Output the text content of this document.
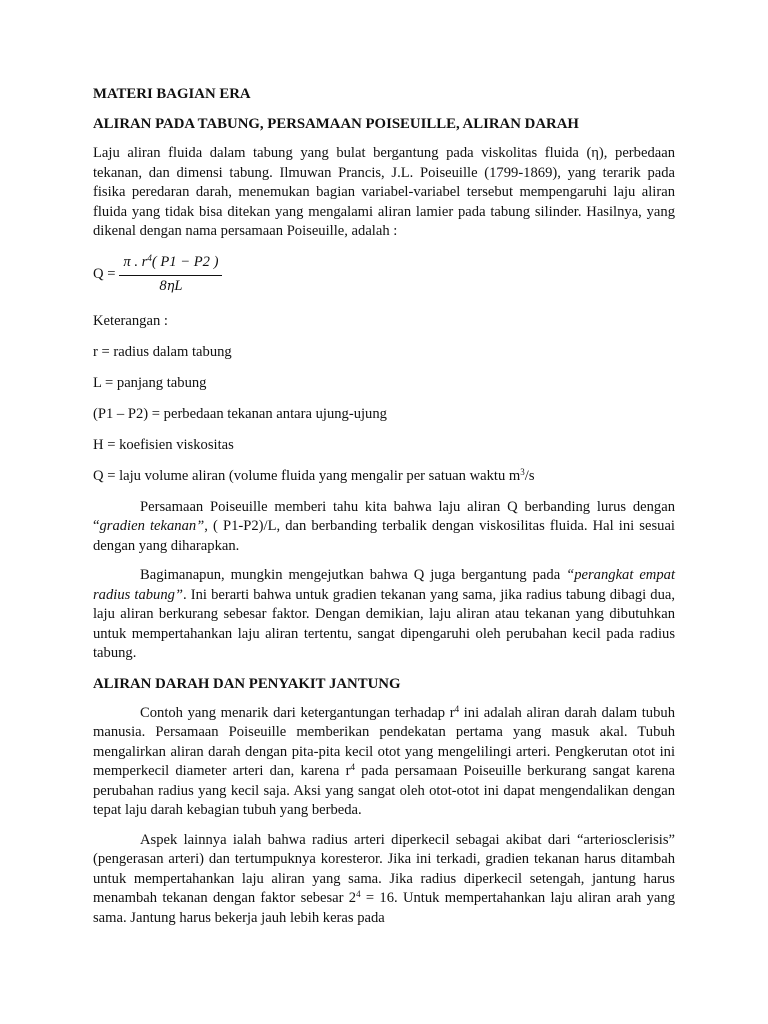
MATERI BAGIAN ERA
ALIRAN PADA TABUNG, PERSAMAAN POISEUILLE, ALIRAN DARAH
Laju aliran fluida dalam tabung yang bulat bergantung pada viskolitas fluida (η), perbedaan tekanan, dan dimensi tabung. Ilmuwan Prancis, J.L. Poiseuille (1799-1869), yang terarik pada fisika peredaran darah, menemukan bagian variabel-variabel tersebut mempengaruhi laju aliran fluida yang tidak bisa ditekan yang mengalami aliran lamier pada tabung silinder. Hasilnya, yang dikenal dengan nama persamaan Poiseuille, adalah :
$Q = \frac{\pi . r^4( P1 - P2 )}{8\eta L}$
Keterangan :
r = radius dalam tabung
L = panjang tabung
(P1 – P2) = perbedaan tekanan antara ujung-ujung
Η = koefisien viskositas
Q = laju volume aliran (volume fluida yang mengalir per satuan waktu $m^3/s$
Persamaan Poiseuille memberi tahu kita bahwa laju aliran Q berbanding lurus dengan “gradien tekanan”, ( P1-P2)/L, dan berbanding terbalik dengan viskosilitas fluida. Hal ini sesuai dengan yang diharapkan.
Bagimanapun, mungkin mengejutkan bahwa Q juga bergantung pada “perangkat empat radius tabung”. Ini berarti bahwa untuk gradien tekanan yang sama, jika radius tabung dibagi dua, laju aliran berkurang sebesar faktor. Dengan demikian, laju aliran atau tekanan yang dibutuhkan untuk mempertahankan laju aliran tertentu, sangat dipengaruhi oleh perubahan kecil pada radius tabung.
ALIRAN DARAH DAN PENYAKIT JANTUNG
Contoh yang menarik dari ketergantungan terhadap $r^4$ ini adalah aliran darah dalam tubuh manusia. Persamaan Poiseuille memberikan pendekatan pertama yang masuk akal. Tubuh mengalirkan aliran darah dengan pita-pita kecil otot yang mengelilingi arteri. Pengkerutan otot ini memperkecil diameter arteri dan, karena $r^4$ pada persamaan Poiseuille berkurang sangat karena perubahan radius yang kecil saja. Aksi yang sangat oleh otot-otot ini dapat mengendalikan dengan tepat laju darah kebagian tubuh yang berbeda.
Aspek lainnya ialah bahwa radius arteri diperkecil sebagai akibat dari “arteriosclerisis” (pengerasan arteri) dan tertumpuknya koresteror. Jika ini terkadi, gradien tekanan harus ditambah untuk mempertahankan laju aliran yang sama. Jika radius diperkecil setengah, jantung harus menambah tekanan dengan faktor sebesar $2^4 = 16$. Untuk mempertahankan laju aliran arah yang sama. Jantung harus bekerja jauh lebih keras pada
